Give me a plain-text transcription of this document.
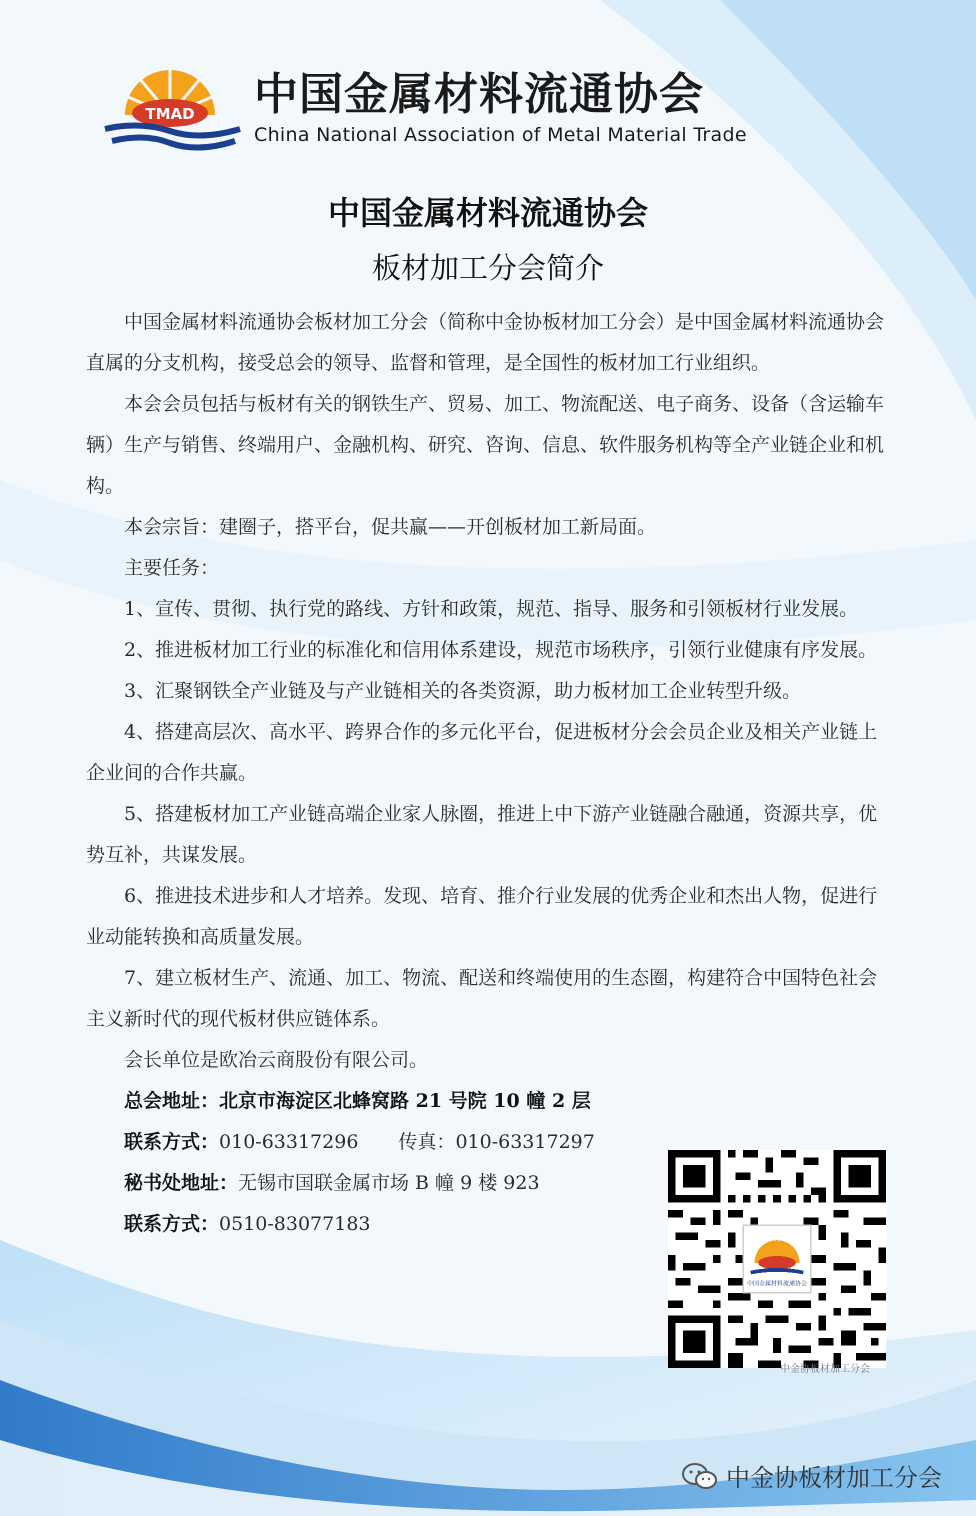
TMAD 中国金属材料流通协会
China National Association of Metal Material Trade
中国金属材料流通协会
板材加工分会简介

中国金属材料流通协会板材加工分会（简称中金协板材加工分会）是中国金属材料流通协会直属的分支机构，接受总会的领导、监督和管理，是全国性的板材加工行业组织。

本会会员包括与板材有关的钢铁生产、贸易、加工、物流配送、电子商务、设备（含运输车辆）生产与销售、终端用户、金融机构、研究、咨询、信息、软件服务机构等全产业链企业和机构。

本会宗旨：建圈子，搭平台，促共赢——开创板材加工新局面。

主要任务：

1、宣传、贯彻、执行党的路线、方针和政策，规范、指导、服务和引领板材行业发展。

2、推进板材加工行业的标准化和信用体系建设，规范市场秩序，引领行业健康有序发展。

3、汇聚钢铁全产业链及与产业链相关的各类资源，助力板材加工企业转型升级。

4、搭建高层次、高水平、跨界合作的多元化平台，促进板材分会会员企业及相关产业链上企业间的合作共赢。

5、搭建板材加工产业链高端企业家人脉圈，推进上中下游产业链融合融通，资源共享，优势互补，共谋发展。

6、推进技术进步和人才培养。发现、培育、推介行业发展的优秀企业和杰出人物，促进行业动能转换和高质量发展。

7、建立板材生产、流通、加工、物流、配送和终端使用的生态圈，构建符合中国特色社会主义新时代的现代板材供应链体系。

会长单位是欧冶云商股份有限公司。

总会地址：北京市海淀区北蜂窝路 21 号院 10 幢 2 层

联系方式：010-63317296 传真：010-63317297

秘书处地址：无锡市国联金属市场 B 幢 9 楼 923

联系方式：0510-83077183

中金协板材加工分会
中金协板材加工分会
